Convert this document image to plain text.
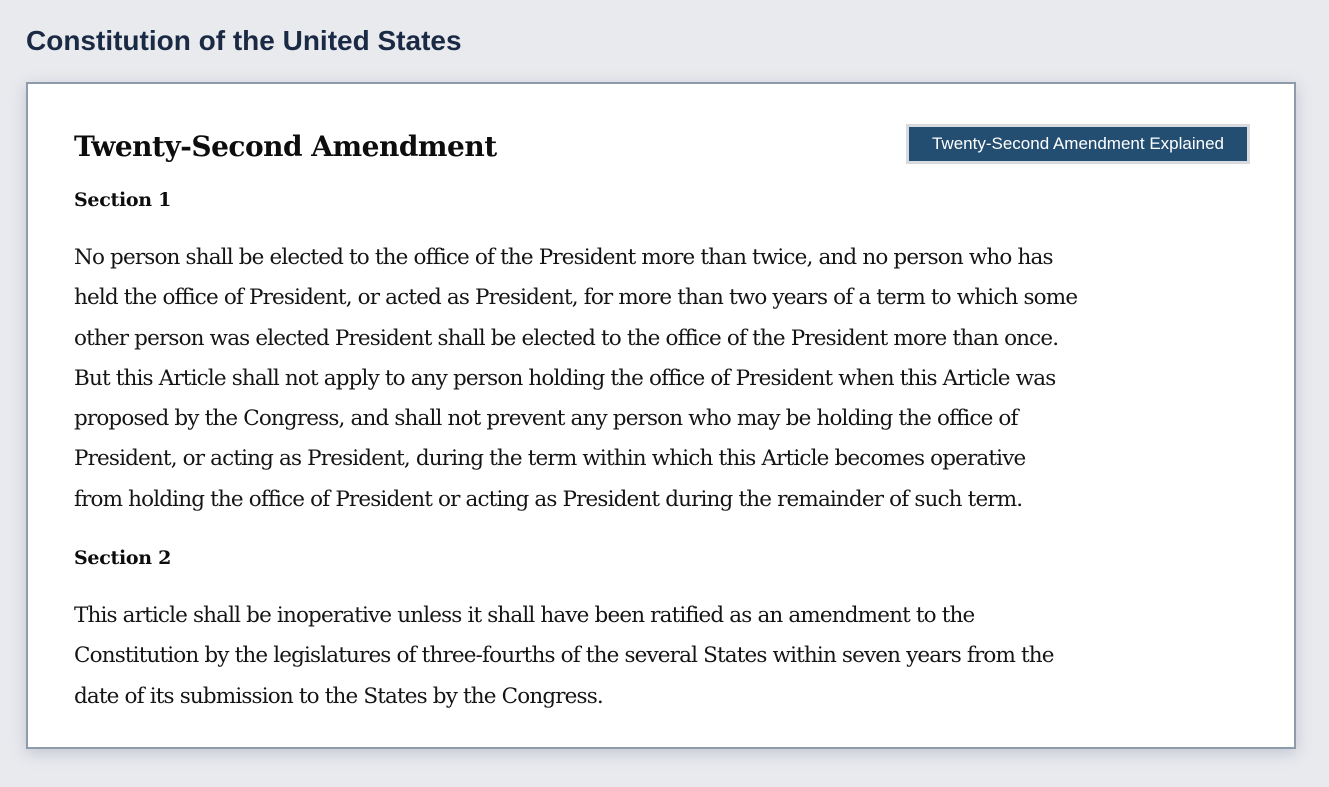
Constitution of the United States
Twenty-Second Amendment	Twenty-Second Amendment Explained
Section 1

No person shall be elected to the office of the President more than twice, and no person who has
held the office of President, or acted as President, for more than two years of a term to which some
other person was elected President shall be elected to the office of the President more than once.
But this Article shall not apply to any person holding the office of President when this Article was
proposed by the Congress, and shall not prevent any person who may be holding the office of
President, or acting as President, during the term within which this Article becomes operative
from holding the office of President or acting as President during the remainder of such term.

Section 2

This article shall be inoperative unless it shall have been ratified as an amendment to the
Constitution by the legislatures of three-fourths of the several States within seven years from the
date of its submission to the States by the Congress.
